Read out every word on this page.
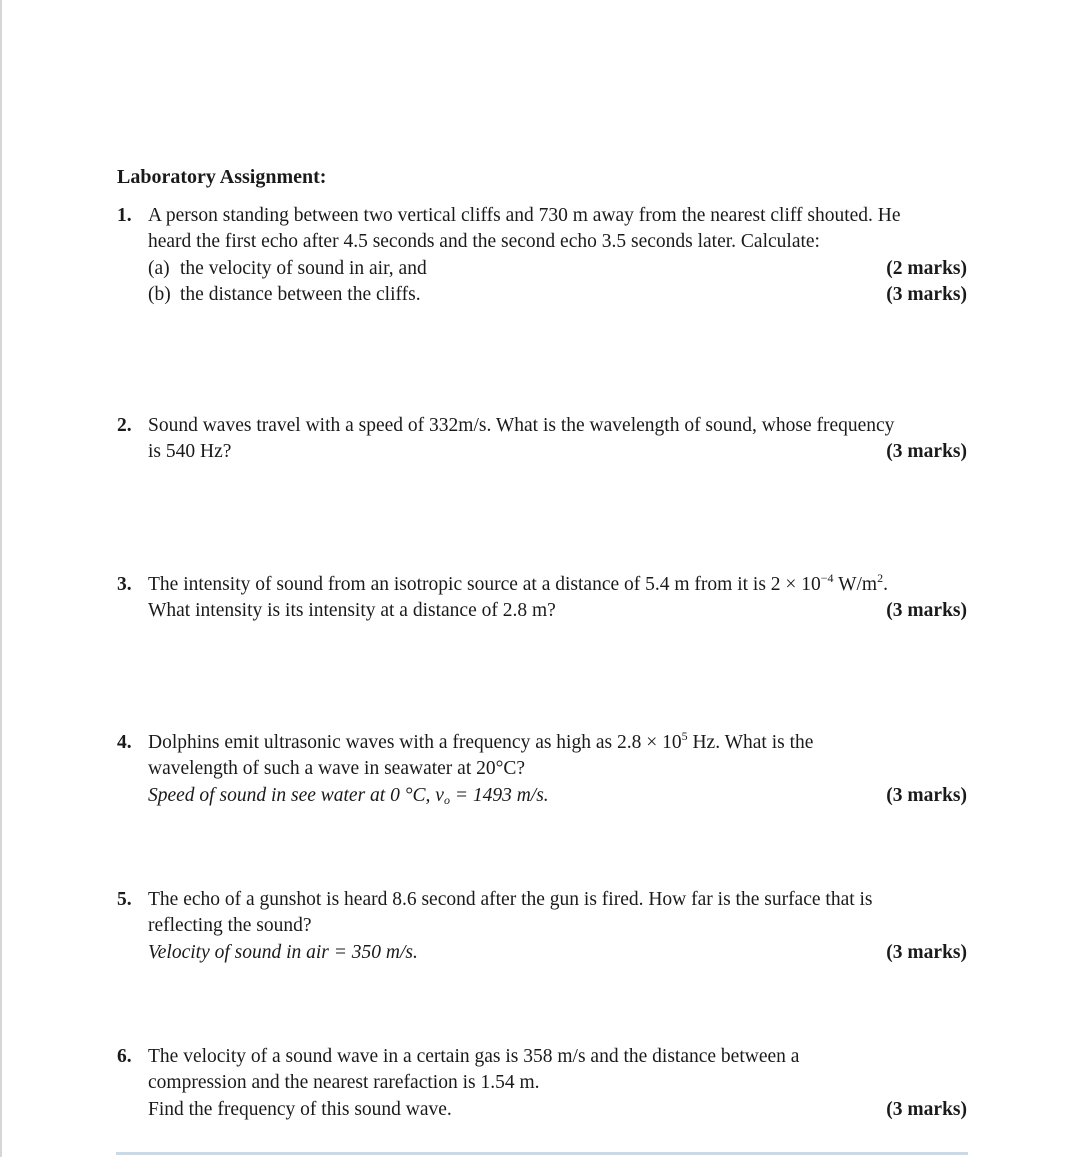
Laboratory Assignment:
1. A person standing between two vertical cliffs and 730 m away from the nearest cliff shouted. He
heard the first echo after 4.5 seconds and the second echo 3.5 seconds later. Calculate:
(a) the velocity of sound in air, and	(2 marks)
(b) the distance between the cliffs.	(3 marks)
2. Sound waves travel with a speed of 332m/s. What is the wavelength of sound, whose frequency
is 540 Hz?	(3 marks)
3. The intensity of sound from an isotropic source at a distance of 5.4 m from it is $2 \times 10^{-4}$ $W/m^2$.
What intensity is its intensity at a distance of 2.8 m?	(3 marks)
4. Dolphins emit ultrasonic waves with a frequency as high as $2.8 \times 10^5$ Hz. What is the
wavelength of such a wave in seawater at 20°C?
Speed of sound in see water at 0 °C, $v_o = 1493$ m/s.	(3 marks)
5. The echo of a gunshot is heard 8.6 second after the gun is fired. How far is the surface that is
reflecting the sound?
Velocity of sound in air = 350 m/s.	(3 marks)
6. The velocity of a sound wave in a certain gas is 358 m/s and the distance between a
compression and the nearest rarefaction is 1.54 m.
Find the frequency of this sound wave.	(3 marks)
